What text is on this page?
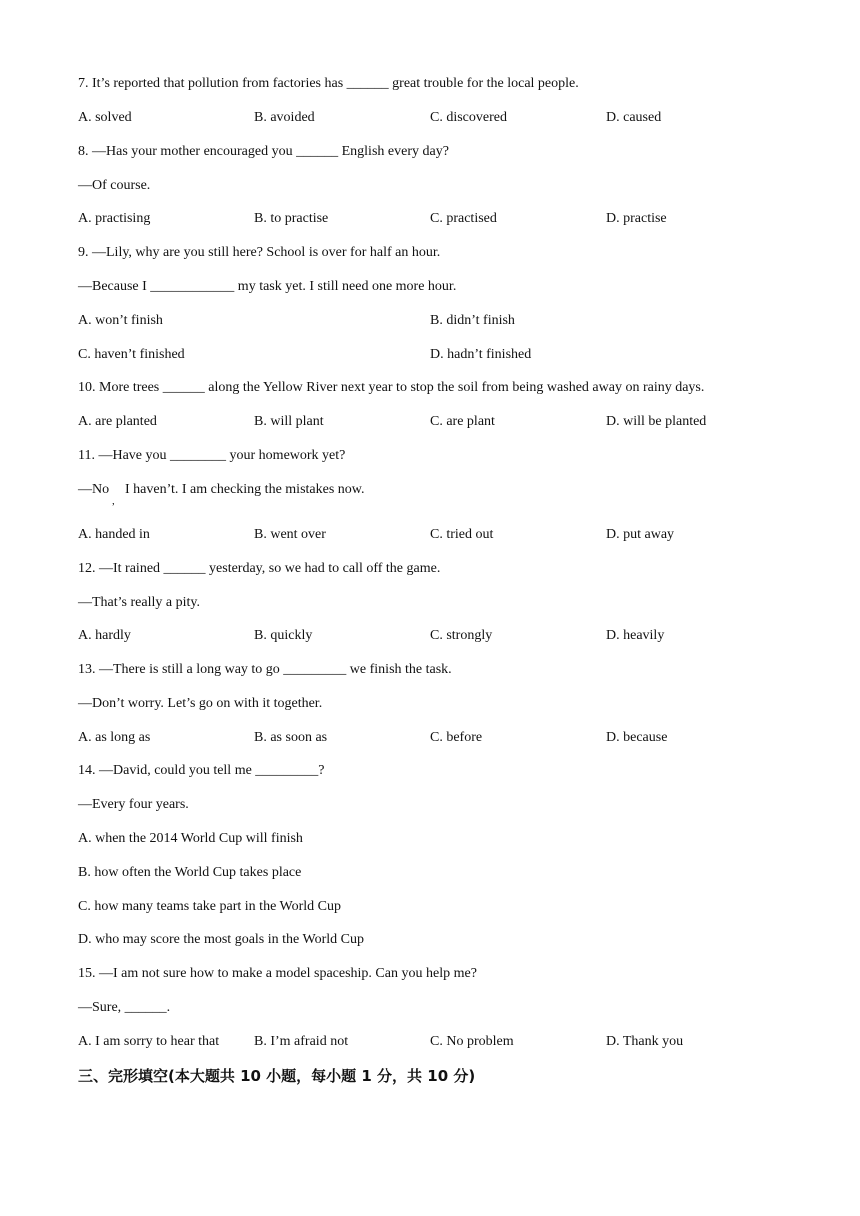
7. It’s reported that pollution from factories has ______ great trouble for the local people.
A. solved	B. avoided	C. discovered	D. caused
8. —Has your mother encouraged you ______ English every day?
—Of course.
A. practising	B. to practise	C. practised	D. practise
9. —Lily, why are you still here? School is over for half an hour.
—Because I ____________ my task yet. I still need one more hour.
A. won’t finish	B. didn’t finish
C. haven’t finished	D. hadn’t finished
10. More trees ______ along the Yellow River next year to stop the soil from being washed away on rainy days.
A. are planted	B. will plant	C. are plant	D. will be planted
11. —Have you ________ your homework yet?
—No
,
I haven’t. I am checking the mistakes now.
A. handed in	B. went over	C. tried out	D. put away
12. —It rained ______ yesterday, so we had to call off the game.
—That’s really a pity.
A. hardly	B. quickly	C. strongly	D. heavily
13. —There is still a long way to go _________ we finish the task.
—Don’t worry. Let’s go on with it together.
A. as long as	B. as soon as	C. before	D. because
14. —David, could you tell me _________?
—Every four years.
A. when the 2014 World Cup will finish
B. how often the World Cup takes place
C. how many teams take part in the World Cup
D. who may score the most goals in the World Cup
15. —I am not sure how to make a model spaceship. Can you help me?
—Sure, ______.
A. I am sorry to hear that B. I’m afraid not	C. No problem	D. Thank you
三、完形填空(本大题共 10 小题，每小题 1 分，共 10 分)
